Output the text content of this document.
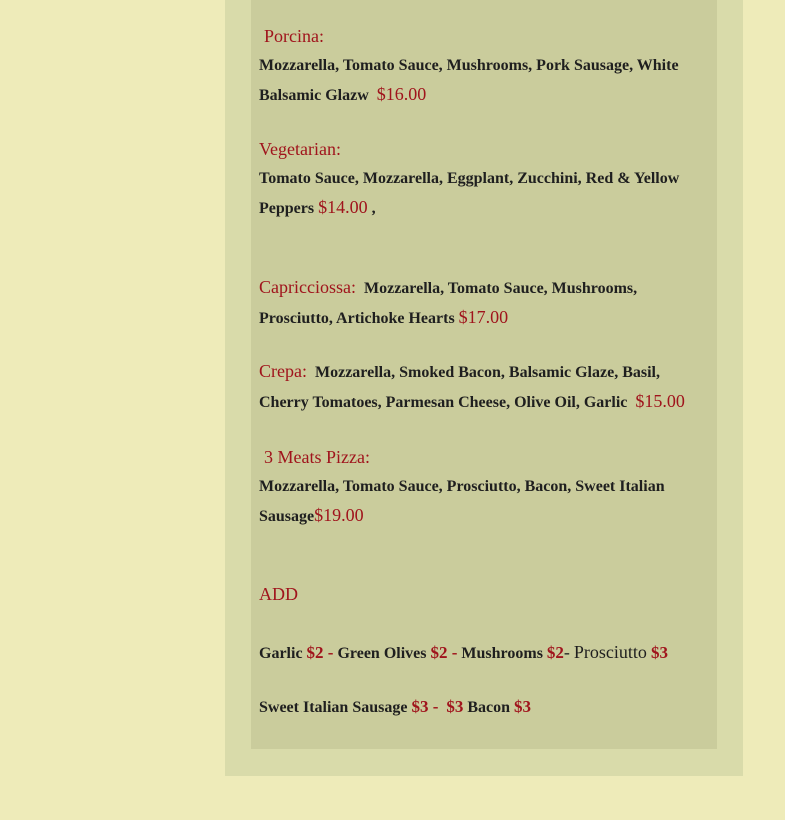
Porcina:
Mozzarella, Tomato Sauce, Mushrooms, Pork Sausage, White Balsamic Glazw $16.00
Vegetarian:
Tomato Sauce, Mozzarella, Eggplant, Zucchini, Red & Yellow Peppers $14.00 ,
Capricciossa: Mozzarella, Tomato Sauce, Mushrooms, Prosciutto, Artichoke Hearts $17.00
Crepa: Mozzarella, Smoked Bacon, Balsamic Glaze, Basil, Cherry Tomatoes, Parmesan Cheese, Olive Oil, Garlic $15.00
3 Meats Pizza:
Mozzarella, Tomato Sauce, Prosciutto, Bacon, Sweet Italian Sausage$19.00
ADD
Garlic $2 - Green Olives $2 - Mushrooms $2- Prosciutto $3
Sweet Italian Sausage $3 - $3 Bacon $3
